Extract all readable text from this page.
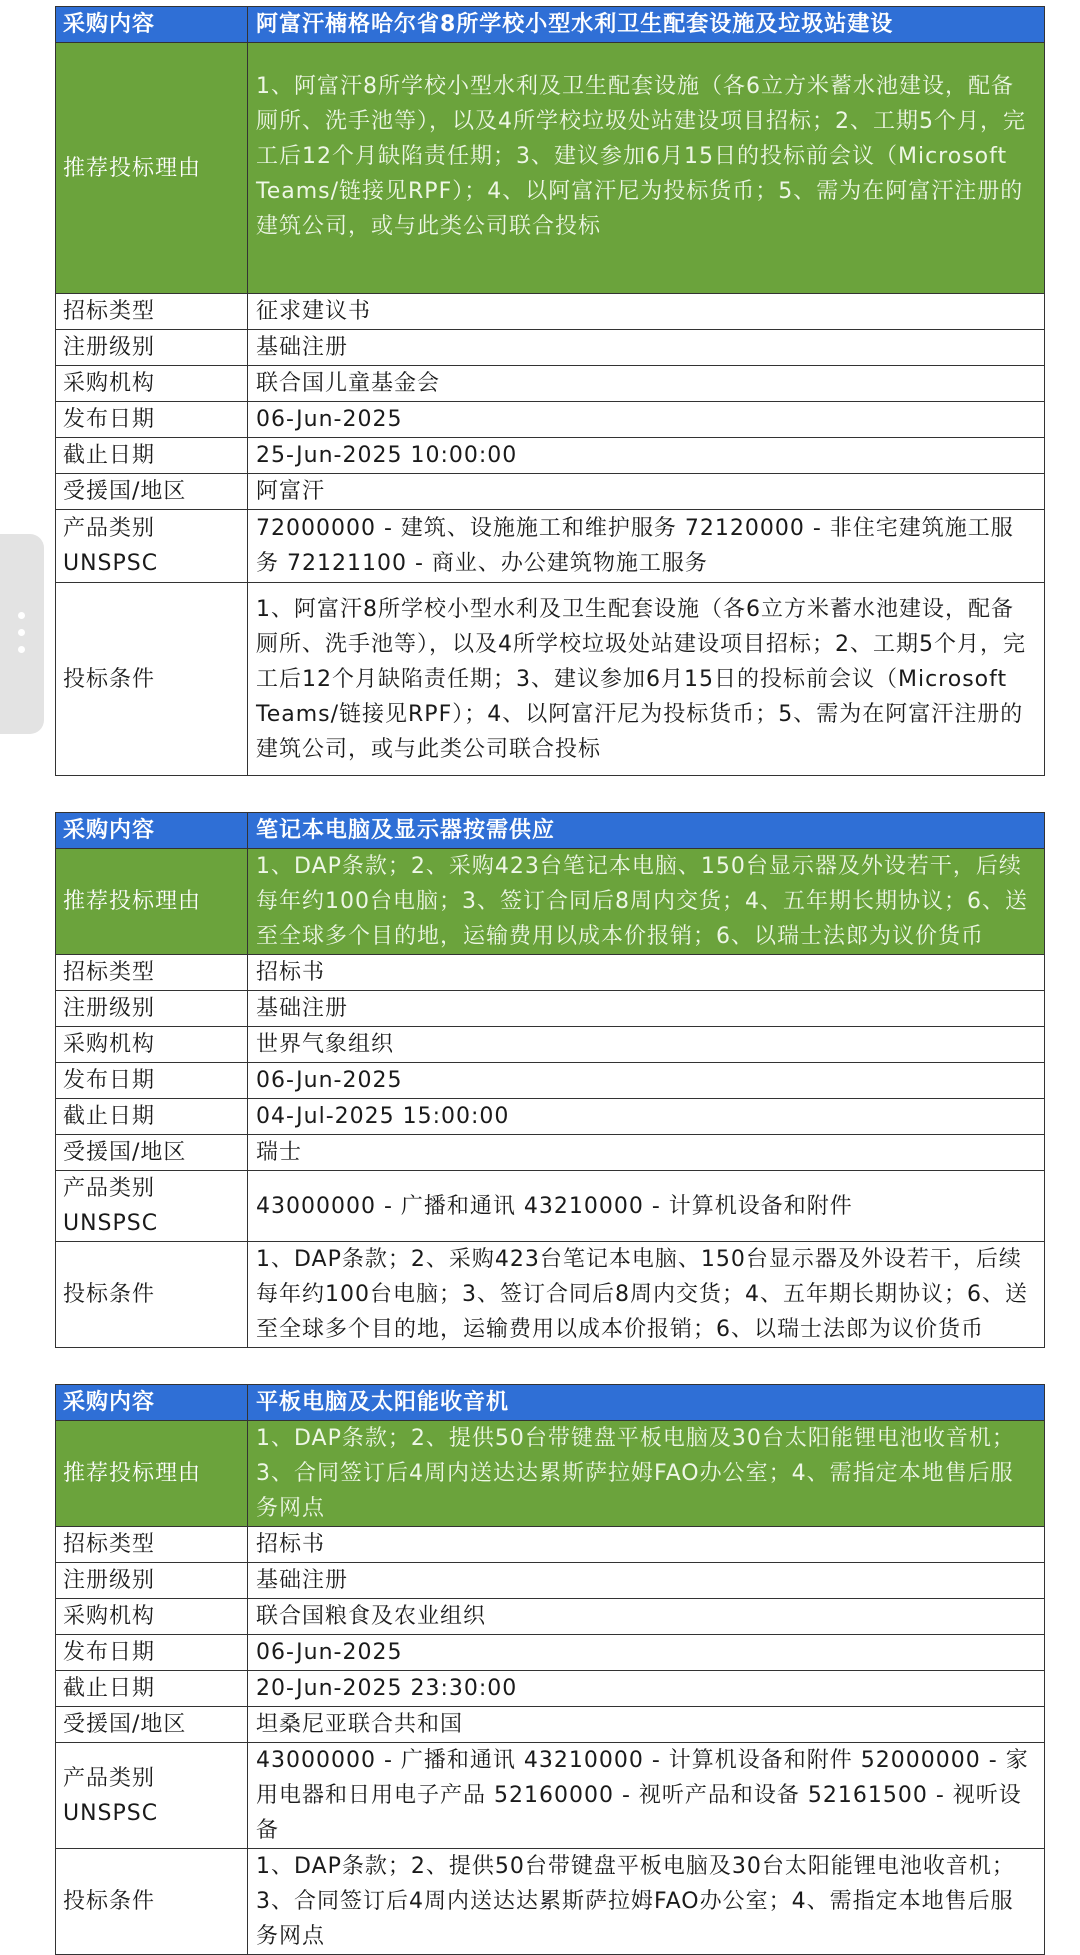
采购内容	阿富汗楠格哈尔省8所学校小型水利卫生配套设施及垃圾站建设
推荐投标理由	1、阿富汗8所学校小型水利及卫生配套设施（各6立方米蓄水池建设，配备厕所、洗手池等），以及4所学校垃圾处站建设项目招标；2、工期5个月，完工后12个月缺陷责任期；3、建议参加6月15日的投标前会议（Microsoft Teams/链接见RPF）；4、以阿富汗尼为投标货币；5、需为在阿富汗注册的建筑公司，或与此类公司联合投标
招标类型	征求建议书
注册级别	基础注册
采购机构	联合国儿童基金会
发布日期	06-Jun-2025
截止日期	25-Jun-2025 10:00:00
受援国/地区	阿富汗
产品类别UNSPSC	72000000 - 建筑、设施施工和维护服务 72120000 - 非住宅建筑施工服务 72121100 - 商业、办公建筑物施工服务
投标条件	1、阿富汗8所学校小型水利及卫生配套设施（各6立方米蓄水池建设，配备厕所、洗手池等），以及4所学校垃圾处站建设项目招标；2、工期5个月，完工后12个月缺陷责任期；3、建议参加6月15日的投标前会议（Microsoft Teams/链接见RPF）；4、以阿富汗尼为投标货币；5、需为在阿富汗注册的建筑公司，或与此类公司联合投标
采购内容	笔记本电脑及显示器按需供应
推荐投标理由	1、DAP条款；2、采购423台笔记本电脑、150台显示器及外设若干，后续每年约100台电脑；3、签订合同后8周内交货；4、五年期长期协议；6、送至全球多个目的地，运输费用以成本价报销；6、以瑞士法郎为议价货币
招标类型	招标书
注册级别	基础注册
采购机构	世界气象组织
发布日期	06-Jun-2025
截止日期	04-Jul-2025 15:00:00
受援国/地区	瑞士
产品类别UNSPSC	43000000 - 广播和通讯 43210000 - 计算机设备和附件
投标条件	1、DAP条款；2、采购423台笔记本电脑、150台显示器及外设若干，后续每年约100台电脑；3、签订合同后8周内交货；4、五年期长期协议；6、送至全球多个目的地，运输费用以成本价报销；6、以瑞士法郎为议价货币
采购内容	平板电脑及太阳能收音机
推荐投标理由	1、DAP条款；2、提供50台带键盘平板电脑及30台太阳能锂电池收音机；3、合同签订后4周内送达达累斯萨拉姆FAO办公室；4、需指定本地售后服务网点
招标类型	招标书
注册级别	基础注册
采购机构	联合国粮食及农业组织
发布日期	06-Jun-2025
截止日期	20-Jun-2025 23:30:00
受援国/地区	坦桑尼亚联合共和国
产品类别UNSPSC	43000000 - 广播和通讯 43210000 - 计算机设备和附件 52000000 - 家用电器和日用电子产品 52160000 - 视听产品和设备 52161500 - 视听设备
投标条件	1、DAP条款；2、提供50台带键盘平板电脑及30台太阳能锂电池收音机；3、合同签订后4周内送达达累斯萨拉姆FAO办公室；4、需指定本地售后服务网点
